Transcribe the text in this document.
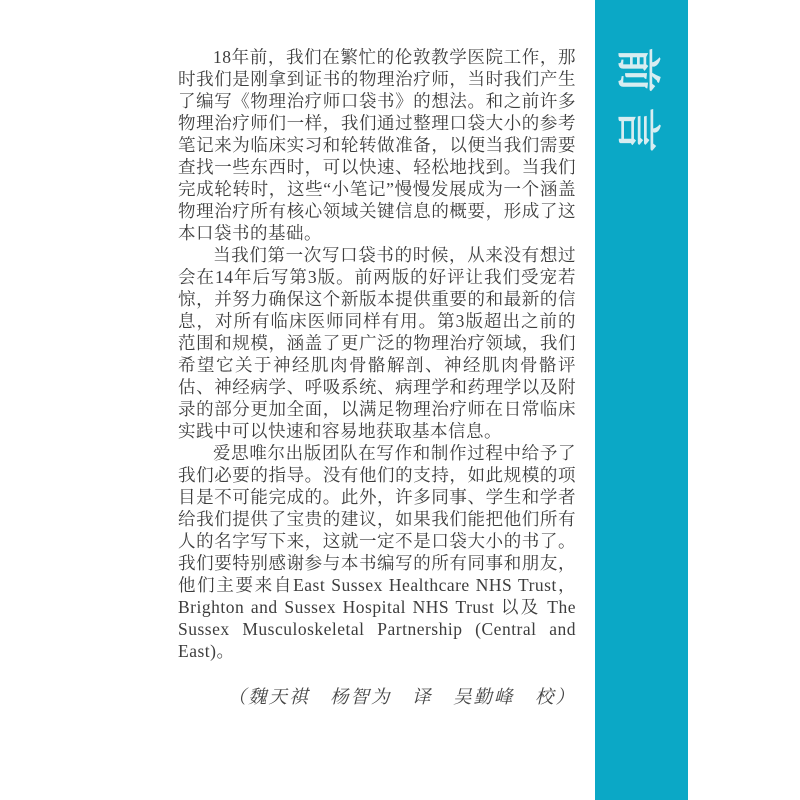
18年前，我们在繁忙的伦敦教学医院工作，那时我们是刚拿到证书的物理治疗师，当时我们产生了编写《物理治疗师口袋书》的想法。和之前许多物理治疗师们一样，我们通过整理口袋大小的参考笔记来为临床实习和轮转做准备，以便当我们需要查找一些东西时，可以快速、轻松地找到。当我们完成轮转时，这些“小笔记”慢慢发展成为一个涵盖物理治疗所有核心领域关键信息的概要，形成了这本口袋书的基础。

当我们第一次写口袋书的时候，从来没有想过会在14年后写第3版。前两版的好评让我们受宠若惊，并努力确保这个新版本提供重要的和最新的信息，对所有临床医师同样有用。第3版超出之前的范围和规模，涵盖了更广泛的物理治疗领域，我们希望它关于神经肌肉骨骼解剖、神经肌肉骨骼评估、神经病学、呼吸系统、病理学和药理学以及附录的部分更加全面，以满足物理治疗师在日常临床实践中可以快速和容易地获取基本信息。

爱思唯尔出版团队在写作和制作过程中给予了我们必要的指导。没有他们的支持，如此规模的项目是不可能完成的。此外，许多同事、学生和学者给我们提供了宝贵的建议，如果我们能把他们所有人的名字写下来，这就一定不是口袋大小的书了。我们要特别感谢参与本书编写的所有同事和朋友，他们主要来自East Sussex Healthcare NHS Trust，Brighton and Sussex Hospital NHS Trust 以及 The Sussex Musculoskeletal Partnership (Central and East)。

（魏天祺　杨智为　译　吴勤峰　校）
前言
